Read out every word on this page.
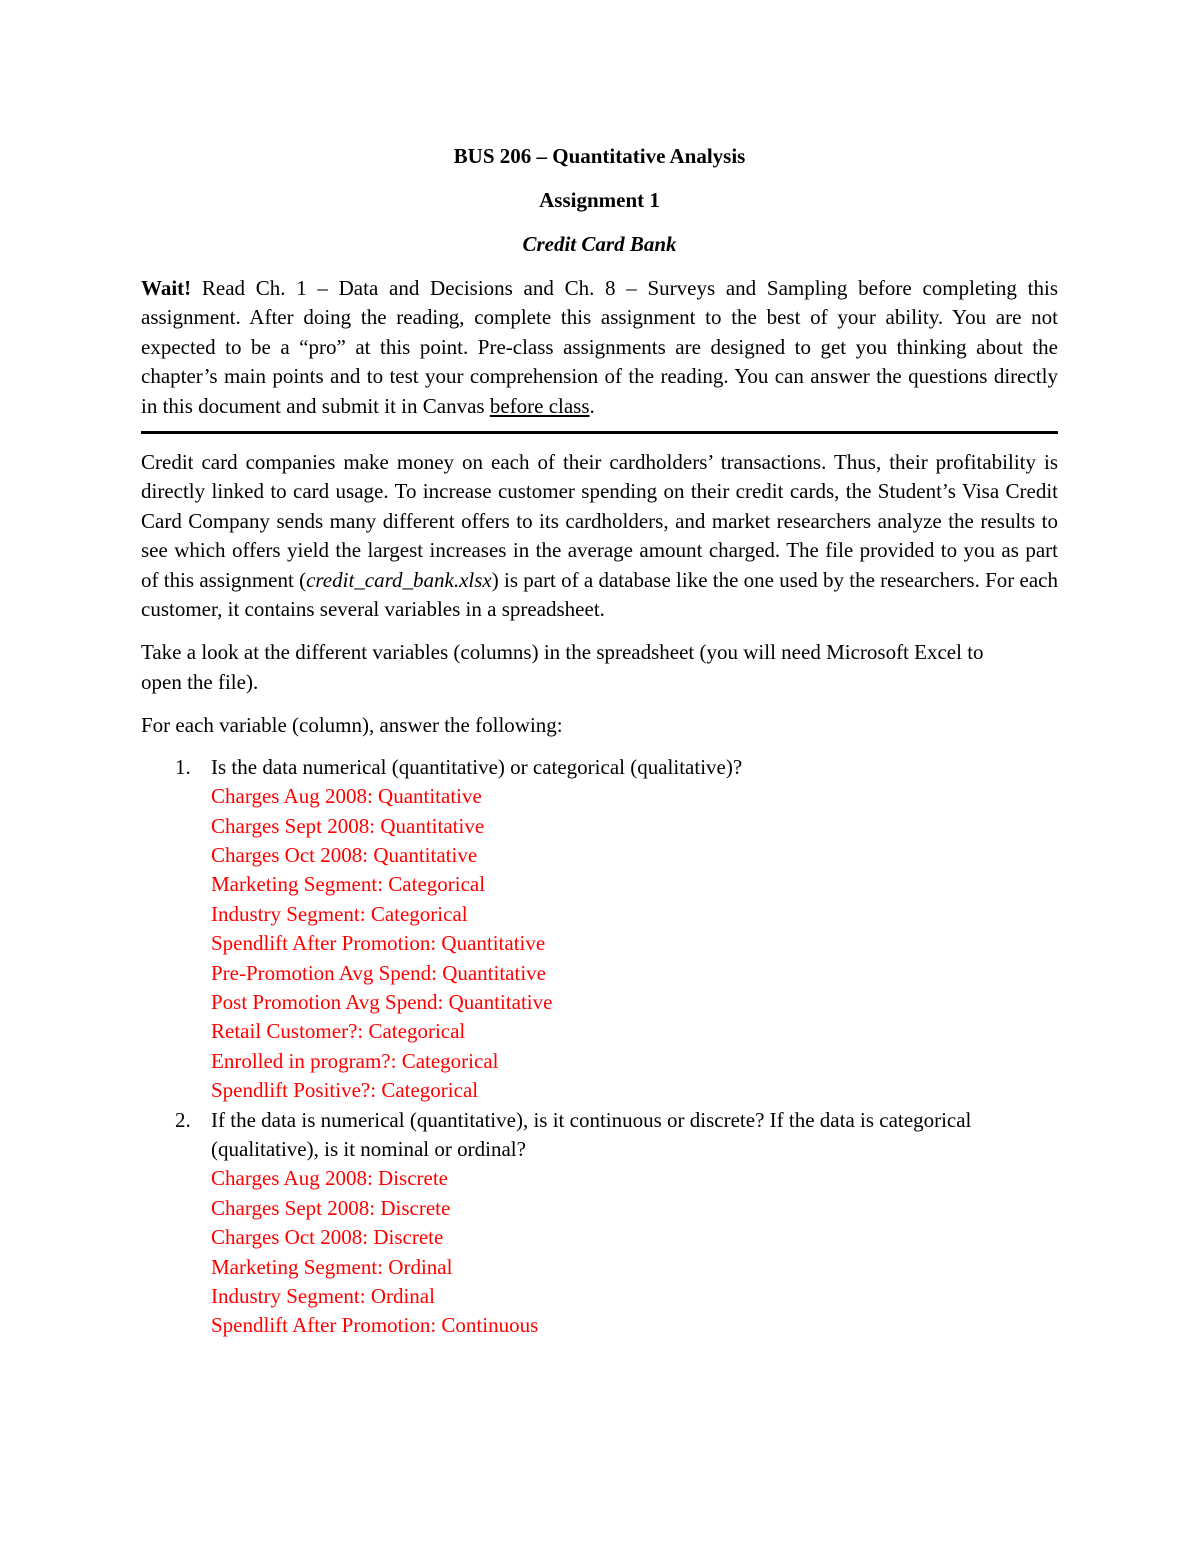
BUS 206 – Quantitative Analysis
Assignment 1
Credit Card Bank

Wait! Read Ch. 1 – Data and Decisions and Ch. 8 – Surveys and Sampling before completing this assignment. After doing the reading, complete this assignment to the best of your ability. You are not expected to be a “pro” at this point. Pre-class assignments are designed to get you thinking about the chapter’s main points and to test your comprehension of the reading. You can answer the questions directly in this document and submit it in Canvas before class.

Credit card companies make money on each of their cardholders’ transactions. Thus, their profitability is directly linked to card usage. To increase customer spending on their credit cards, the Student’s Visa Credit Card Company sends many different offers to its cardholders, and market researchers analyze the results to see which offers yield the largest increases in the average amount charged. The file provided to you as part of this assignment (credit_card_bank.xlsx) is part of a database like the one used by the researchers. For each customer, it contains several variables in a spreadsheet.

Take a look at the different variables (columns) in the spreadsheet (you will need Microsoft Excel to open the file).

For each variable (column), answer the following:

1. Is the data numerical (quantitative) or categorical (qualitative)?
Charges Aug 2008: Quantitative
Charges Sept 2008: Quantitative
Charges Oct 2008: Quantitative
Marketing Segment: Categorical
Industry Segment: Categorical
Spendlift After Promotion: Quantitative
Pre-Promotion Avg Spend: Quantitative
Post Promotion Avg Spend: Quantitative
Retail Customer?: Categorical
Enrolled in program?: Categorical
Spendlift Positive?: Categorical
2. If the data is numerical (quantitative), is it continuous or discrete? If the data is categorical (qualitative), is it nominal or ordinal?
Charges Aug 2008: Discrete
Charges Sept 2008: Discrete
Charges Oct 2008: Discrete
Marketing Segment: Ordinal
Industry Segment: Ordinal
Spendlift After Promotion: Continuous
